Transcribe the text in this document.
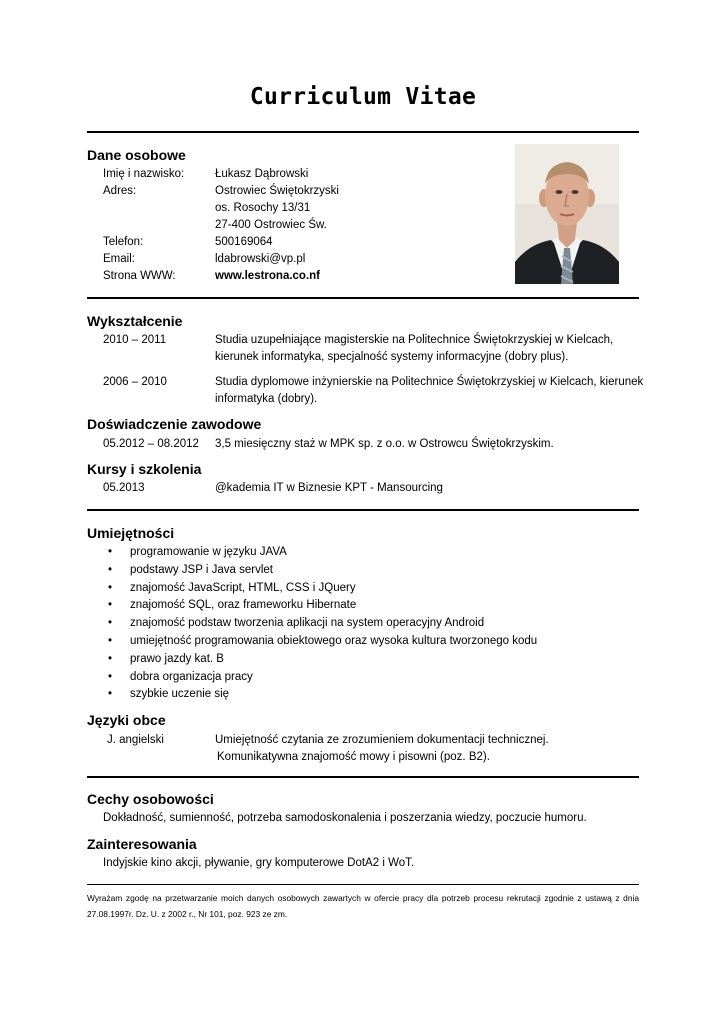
Curriculum Vitae
Dane osobowe
Imię i nazwisko:	Łukasz Dąbrowski
Adres:	Ostrowiec Świętokrzyski
os. Rosochy 13/31
27-400 Ostrowiec Św.
Telefon:	500169064
Email:	ldabrowski@vp.pl
Strona WWW:	www.lestrona.co.nf
Wykształcenie
2010 – 2011	Studia uzupełniające magisterskie na Politechnice Świętokrzyskiej w Kielcach,
kierunek informatyka, specjalność systemy informacyjne (dobry plus).
2006 – 2010	Studia dyplomowe inżynierskie na Politechnice Świętokrzyskiej w Kielcach, kierunek
informatyka (dobry).
Doświadczenie zawodowe
05.2012 – 08.2012	3,5 miesięczny staż w MPK sp. z o.o. w Ostrowcu Świętokrzyskim.
Kursy i szkolenia
05.2013	@kademia IT w Biznesie KPT - Mansourcing
Umiejętności
• programowanie w języku JAVA
• podstawy JSP i Java servlet
• znajomość JavaScript, HTML, CSS i JQuery
• znajomość SQL, oraz frameworku Hibernate
• znajomość podstaw tworzenia aplikacji na system operacyjny Android
• umiejętność programowania obiektowego oraz wysoka kultura tworzonego kodu
• prawo jazdy kat. B
• dobra organizacja pracy
• szybkie uczenie się
Języki obce
J. angielski	Umiejętność czytania ze zrozumieniem dokumentacji technicznej.
Komunikatywna znajomość mowy i pisowni (poz. B2).
Cechy osobowości
Dokładność, sumienność, potrzeba samodoskonalenia i poszerzania wiedzy, poczucie humoru.
Zainteresowania
Indyjskie kino akcji, pływanie, gry komputerowe DotA2 i WoT.
Wyrażam zgodę na przetwarzanie moich danych osobowych zawartych w ofercie pracy dla potrzeb procesu rekrutacji zgodnie z ustawą z dnia 27.08.1997r. Dz. U. z 2002 r., Nr 101, poz. 923 ze zm.
